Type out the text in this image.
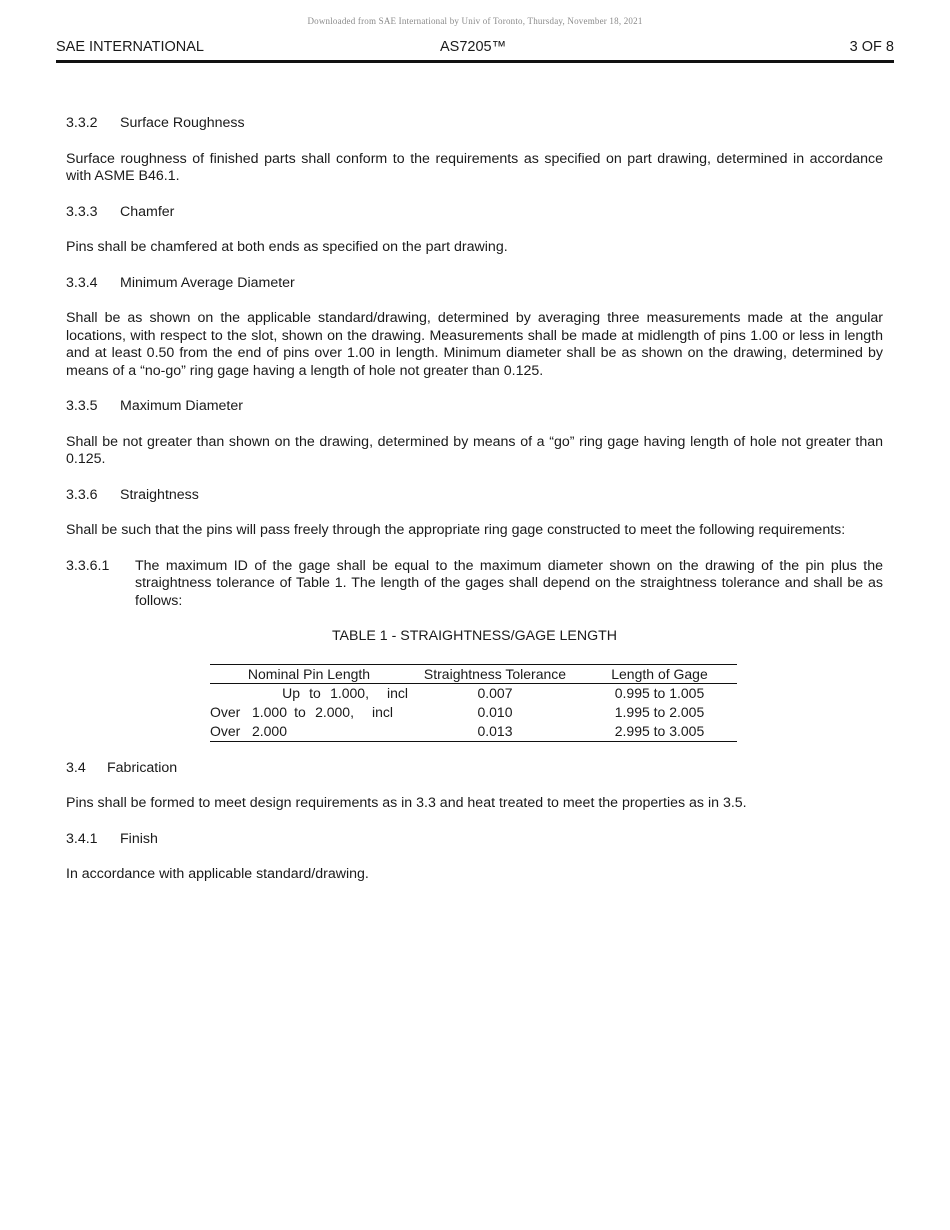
Downloaded from SAE International by Univ of Toronto, Thursday, November 18, 2021
SAE INTERNATIONAL	AS7205™	3 OF 8
3.3.2 Surface Roughness

Surface roughness of finished parts shall conform to the requirements as specified on part drawing, determined in accordance with ASME B46.1.

3.3.3 Chamfer

Pins shall be chamfered at both ends as specified on the part drawing.

3.3.4 Minimum Average Diameter

Shall be as shown on the applicable standard/drawing, determined by averaging three measurements made at the angular locations, with respect to the slot, shown on the drawing. Measurements shall be made at midlength of pins 1.00 or less in length and at least 0.50 from the end of pins over 1.00 in length. Minimum diameter shall be as shown on the drawing, determined by means of a “no-go” ring gage having a length of hole not greater than 0.125.

3.3.5 Maximum Diameter

Shall be not greater than shown on the drawing, determined by means of a “go” ring gage having length of hole not greater than 0.125.

3.3.6 Straightness

Shall be such that the pins will pass freely through the appropriate ring gage constructed to meet the following requirements:

3.3.6.1 The maximum ID of the gage shall be equal to the maximum diameter shown on the drawing of the pin plus the straightness tolerance of Table 1. The length of the gages shall depend on the straightness tolerance and shall be as follows:
TABLE 1 - STRAIGHTNESS/GAGE LENGTH
Nominal Pin Length	Straightness Tolerance	Length of Gage

Up to 1.000, incl	0.007	0.995 to 1.005

Over 1.000 to 2.000, incl	0.010	1.995 to 2.005

Over 2.000	0.013	2.995 to 3.005
3.4 Fabrication

Pins shall be formed to meet design requirements as in 3.3 and heat treated to meet the properties as in 3.5.

3.4.1 Finish

In accordance with applicable standard/drawing.
